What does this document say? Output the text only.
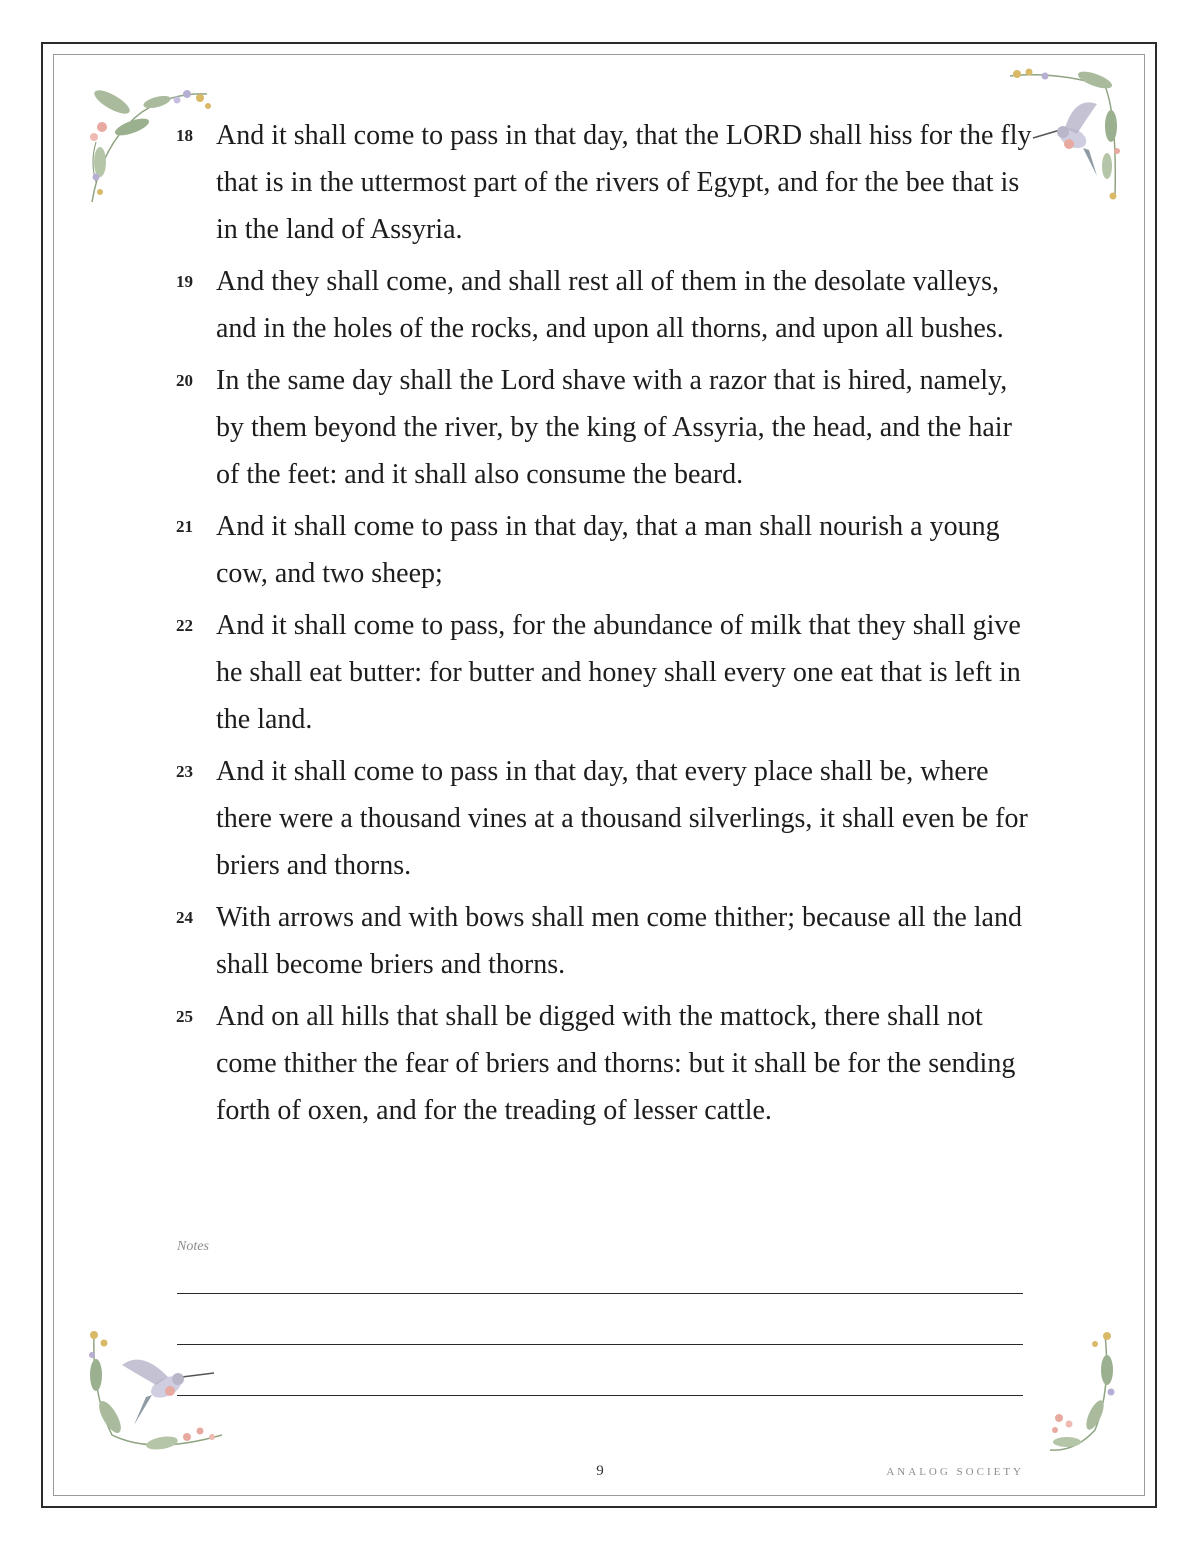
18 And it shall come to pass in that day, that the LORD shall hiss for the fly that is in the uttermost part of the rivers of Egypt, and for the bee that is in the land of Assyria.
19 And they shall come, and shall rest all of them in the desolate valleys, and in the holes of the rocks, and upon all thorns, and upon all bushes.
20 In the same day shall the Lord shave with a razor that is hired, namely, by them beyond the river, by the king of Assyria, the head, and the hair of the feet: and it shall also consume the beard.
21 And it shall come to pass in that day, that a man shall nourish a young cow, and two sheep;
22 And it shall come to pass, for the abundance of milk that they shall give he shall eat butter: for butter and honey shall every one eat that is left in the land.
23 And it shall come to pass in that day, that every place shall be, where there were a thousand vines at a thousand silverlings, it shall even be for briers and thorns.
24 With arrows and with bows shall men come thither; because all the land shall become briers and thorns.
25 And on all hills that shall be digged with the mattock, there shall not come thither the fear of briers and thorns: but it shall be for the sending forth of oxen, and for the treading of lesser cattle.
Notes
9	ANALOG SOCIETY
